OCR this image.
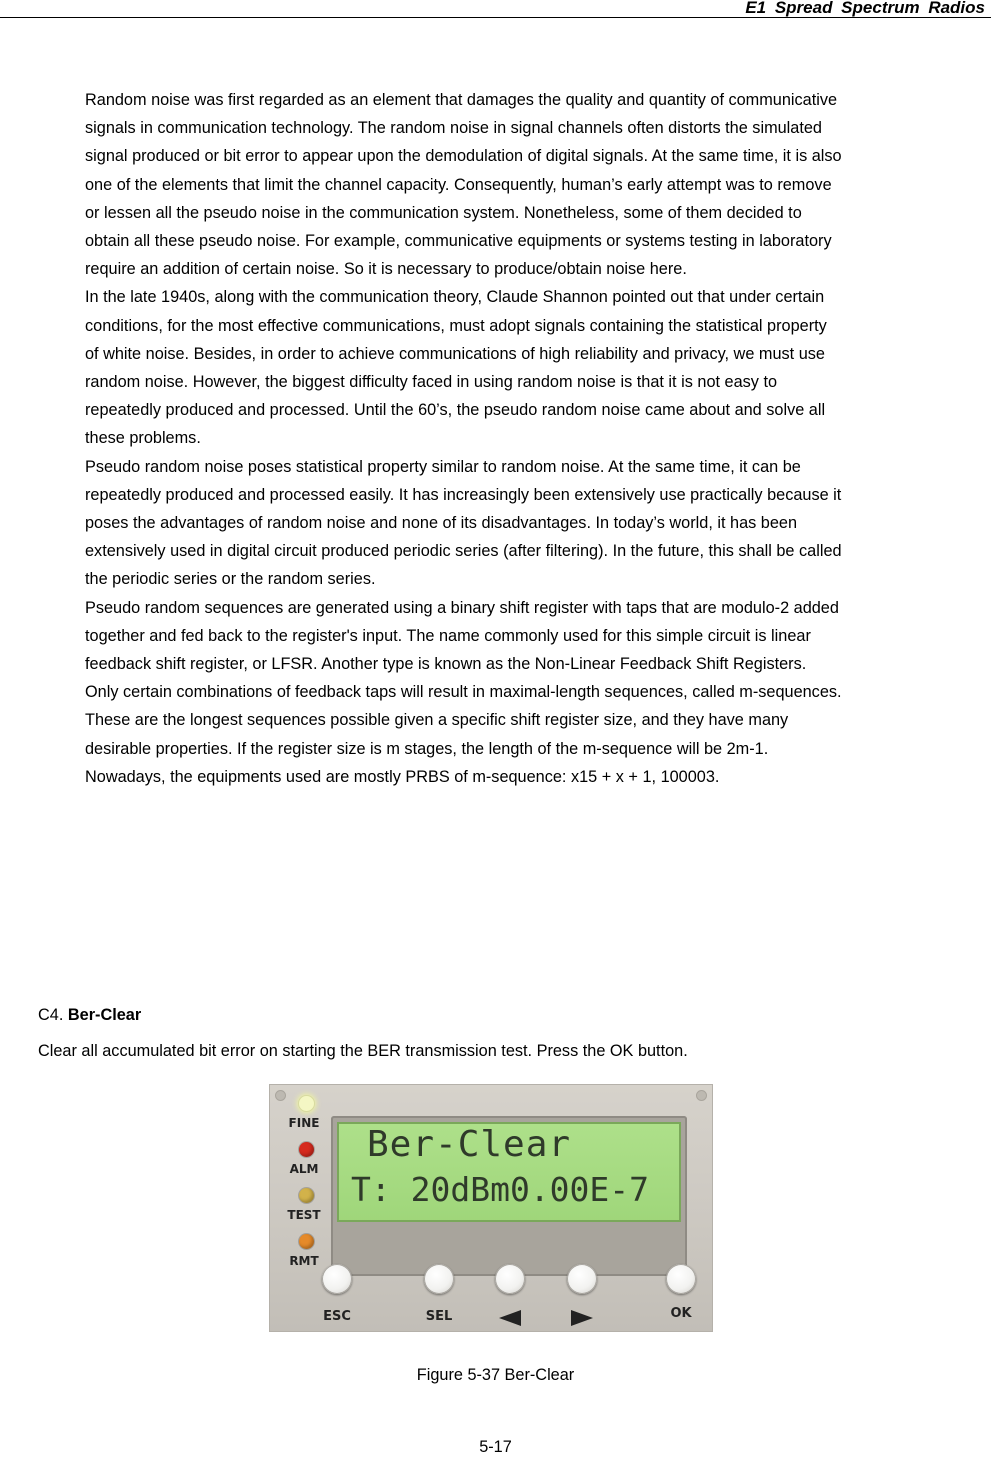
E1 Spread Spectrum Radios

Random noise was first regarded as an element that damages the quality and quantity of communicative

signals in communication technology. The random noise in signal channels often distorts the simulated

signal produced or bit error to appear upon the demodulation of digital signals. At the same time, it is also

one of the elements that limit the channel capacity. Consequently, human’s early attempt was to remove

or lessen all the pseudo noise in the communication system. Nonetheless, some of them decided to

obtain all these pseudo noise. For example, communicative equipments or systems testing in laboratory

require an addition of certain noise. So it is necessary to produce/obtain noise here.

In the late 1940s, along with the communication theory, Claude Shannon pointed out that under certain

conditions, for the most effective communications, must adopt signals containing the statistical property

of white noise. Besides, in order to achieve communications of high reliability and privacy, we must use

random noise. However, the biggest difficulty faced in using random noise is that it is not easy to

repeatedly produced and processed. Until the 60’s, the pseudo random noise came about and solve all

these problems.

Pseudo random noise poses statistical property similar to random noise. At the same time, it can be

repeatedly produced and processed easily. It has increasingly been extensively use practically because it

poses the advantages of random noise and none of its disadvantages. In today’s world, it has been

extensively used in digital circuit produced periodic series (after filtering). In the future, this shall be called

the periodic series or the random series.

Pseudo random sequences are generated using a binary shift register with taps that are modulo-2 added

together and fed back to the register's input. The name commonly used for this simple circuit is linear

feedback shift register, or LFSR. Another type is known as the Non-Linear Feedback Shift Registers.

Only certain combinations of feedback taps will result in maximal-length sequences, called m-sequences.

These are the longest sequences possible given a specific shift register size, and they have many

desirable properties. If the register size is m stages, the length of the m-sequence will be 2m-1.

Nowadays, the equipments used are mostly PRBS of m-sequence: x15 + x + 1, 100003.

C4. Ber-Clear
Clear all accumulated bit error on starting the BER transmission test. Press the OK button.
FINE
ALM
TEST
RMT
Ber-Clear
T: 20dBm0.00E-7
ESC	SEL	OK
Figure 5-37 Ber-Clear
5-17
